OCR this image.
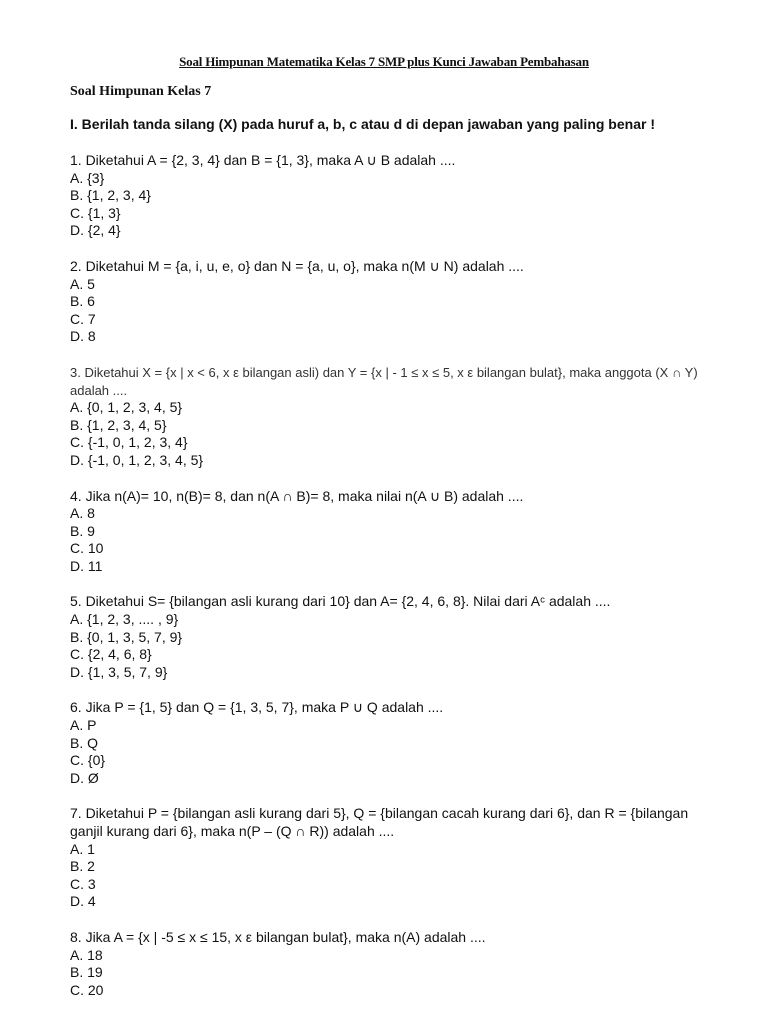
Soal Himpunan Matematika Kelas 7 SMP plus Kunci Jawaban Pembahasan
Soal Himpunan Kelas 7
I. Berilah tanda silang (X) pada huruf a, b, c atau d di depan jawaban yang paling benar !
1. Diketahui A = {2, 3, 4} dan B = {1, 3}, maka A ∪ B adalah ....
A. {3}
B. {1, 2, 3, 4}
C. {1, 3}
D. {2, 4}
2. Diketahui M = {a, i, u, e, o} dan N = {a, u, o}, maka n(M ∪ N) adalah ....
A. 5
B. 6
C. 7
D. 8
3. Diketahui X = {x | x < 6, x ε bilangan asli) dan Y = {x | - 1 ≤ x ≤ 5, x ε bilangan bulat}, maka anggota (X ∩ Y) adalah ....
A. {0, 1, 2, 3, 4, 5}
B. {1, 2, 3, 4, 5}
C. {-1, 0, 1, 2, 3, 4}
D. {-1, 0, 1, 2, 3, 4, 5}
4. Jika n(A)= 10, n(B)= 8, dan n(A ∩ B)= 8, maka nilai n(A ∪ B) adalah ....
A. 8
B. 9
C. 10
D. 11
5. Diketahui S= {bilangan asli kurang dari 10} dan A= {2, 4, 6, 8}. Nilai dari Aᶜ adalah ....
A. {1, 2, 3, .... , 9}
B. {0, 1, 3, 5, 7, 9}
C. {2, 4, 6, 8}
D. {1, 3, 5, 7, 9}
6. Jika P = {1, 5} dan Q = {1, 3, 5, 7}, maka P ∪ Q adalah ....
A. P
B. Q
C. {0}
D. Ø
7. Diketahui P = {bilangan asli kurang dari 5}, Q = {bilangan cacah kurang dari 6}, dan R = {bilangan ganjil kurang dari 6}, maka n(P – (Q ∩ R)) adalah ....
A. 1
B. 2
C. 3
D. 4
8. Jika A = {x | -5 ≤ x ≤ 15, x ε bilangan bulat}, maka n(A) adalah ....
A. 18
B. 19
C. 20
